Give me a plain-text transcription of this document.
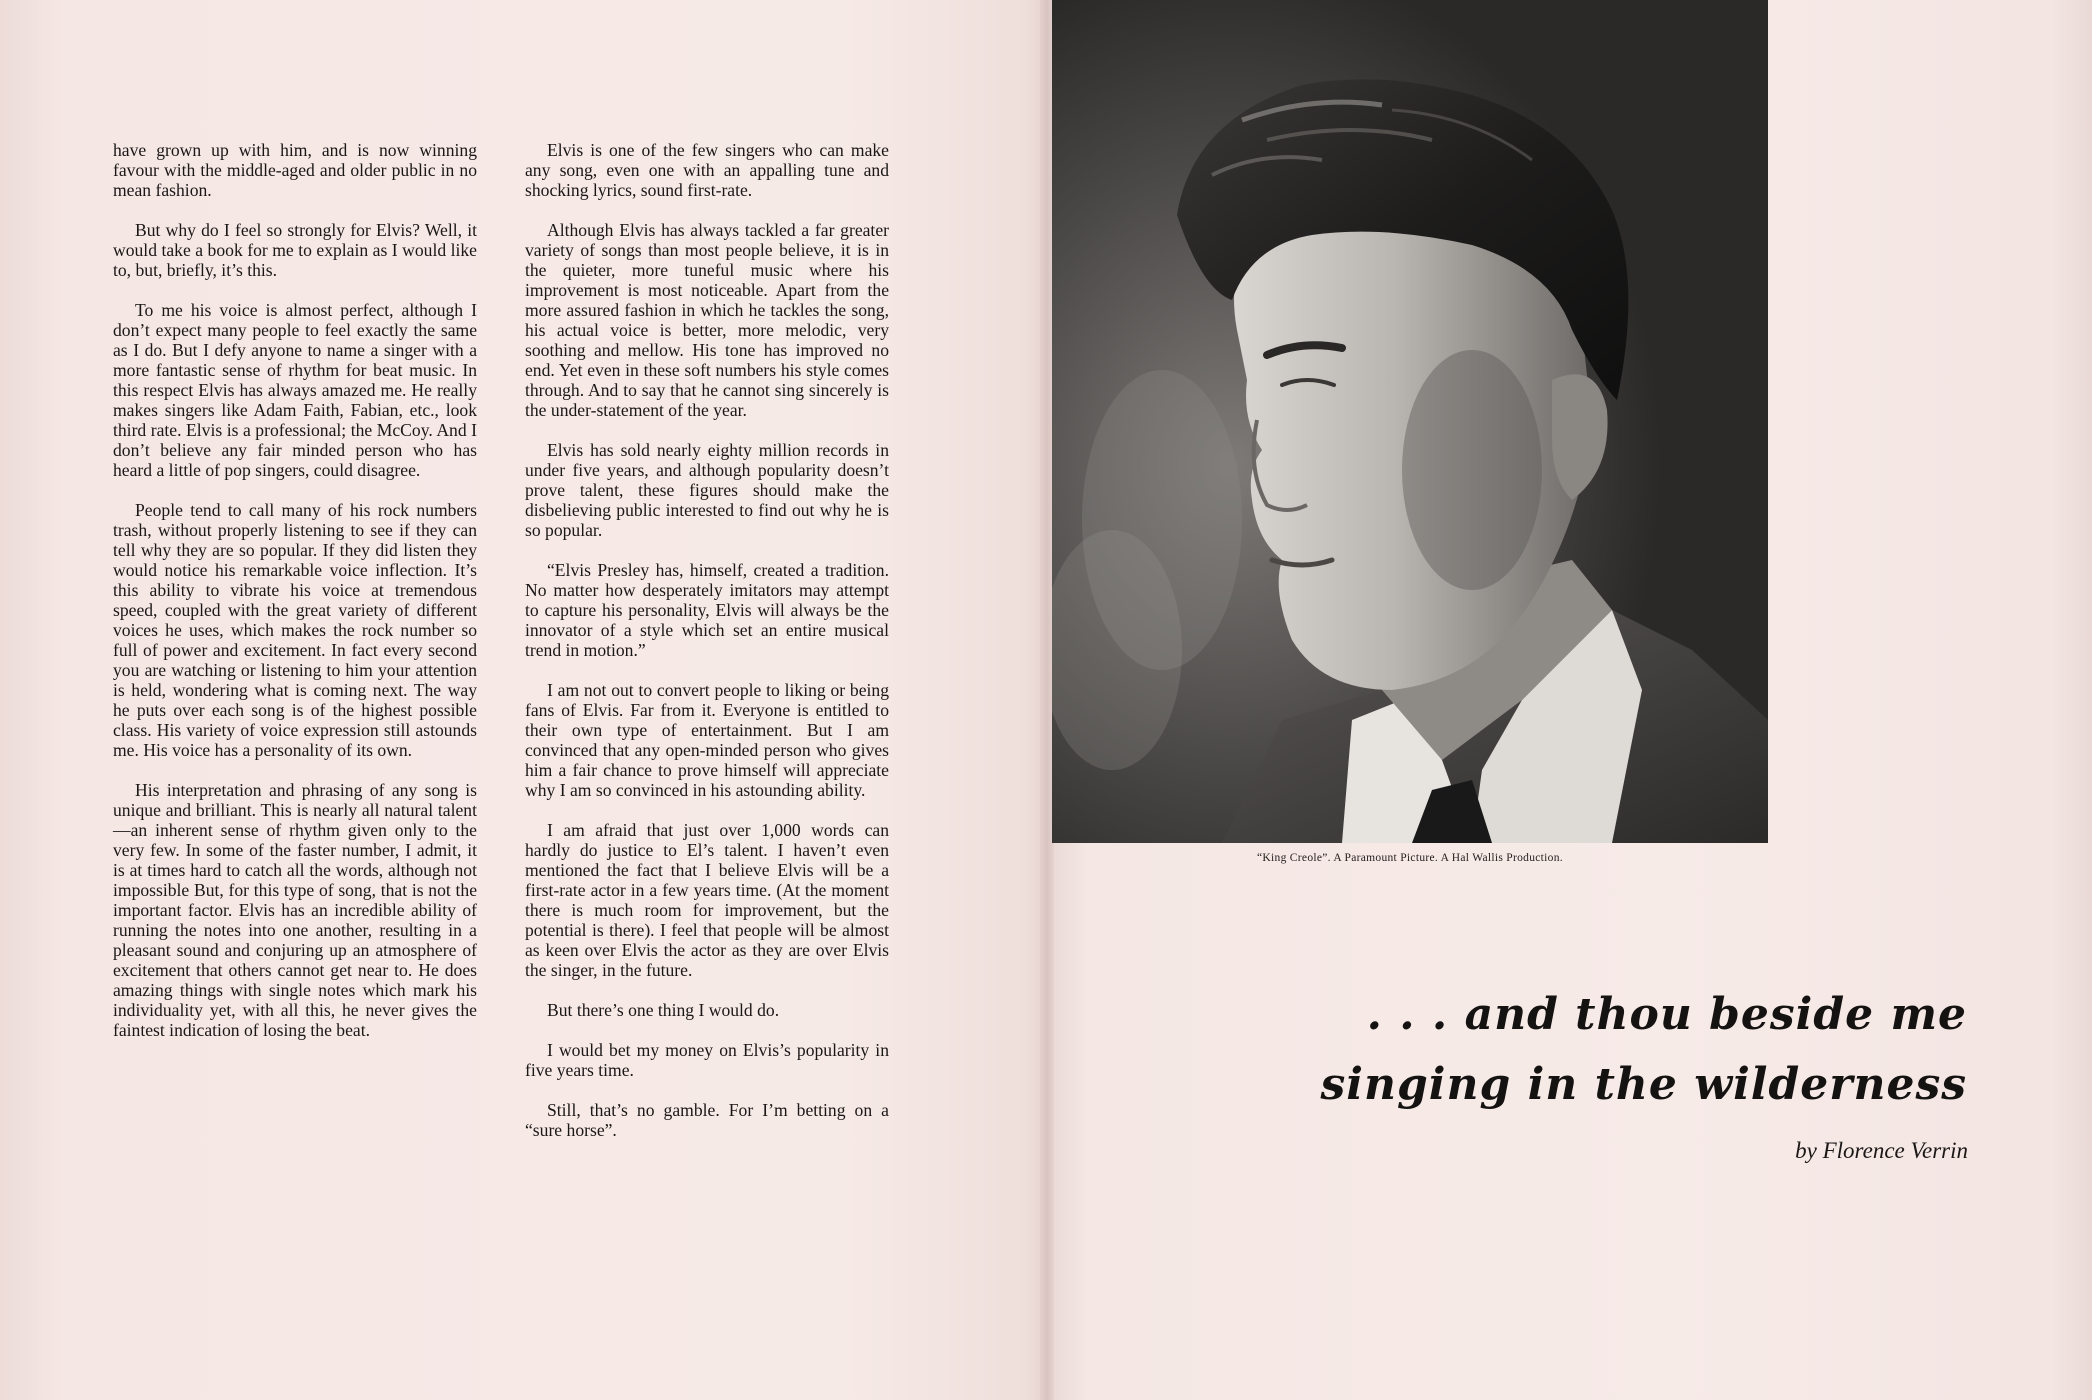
have grown up with him, and is now winning favour with the middle-aged and older public in no mean fashion.

But why do I feel so strongly for Elvis? Well, it would take a book for me to explain as I would like to, but, briefly, it’s this.

To me his voice is almost perfect, although I don’t expect many people to feel exactly the same as I do. But I defy anyone to name a singer with a more fantastic sense of rhythm for beat music. In this respect Elvis has always amazed me. He really makes singers like Adam Faith, Fabian, etc., look third rate. Elvis is a professional; the McCoy. And I don’t believe any fair minded person who has heard a little of pop singers, could disagree.

People tend to call many of his rock numbers trash, without properly listening to see if they can tell why they are so popular. If they did listen they would notice his remarkable voice inflection. It’s this ability to vibrate his voice at tremendous speed, coupled with the great variety of different voices he uses, which makes the rock number so full of power and excitement. In fact every second you are watching or listening to him your attention is held, wondering what is coming next. The way he puts over each song is of the highest possible class. His variety of voice expression still astounds me. His voice has a personality of its own.

His interpretation and phrasing of any song is unique and brilliant. This is nearly all natural talent—an inherent sense of rhythm given only to the very few. In some of the faster number, I admit, it is at times hard to catch all the words, although not impossible But, for this type of song, that is not the important factor. Elvis has an incredible ability of running the notes into one another, resulting in a pleasant sound and conjuring up an atmosphere of excitement that others cannot get near to. He does amazing things with single notes which mark his individuality yet, with all this, he never gives the faintest indication of losing the beat.

Elvis is one of the few singers who can make any song, even one with an appalling tune and shocking lyrics, sound first-rate.

Although Elvis has always tackled a far greater variety of songs than most people believe, it is in the quieter, more tuneful music where his improvement is most noticeable. Apart from the more assured fashion in which he tackles the song, his actual voice is better, more melodic, very soothing and mellow. His tone has improved no end. Yet even in these soft numbers his style comes through. And to say that he cannot sing sincerely is the under-statement of the year.

Elvis has sold nearly eighty million records in under five years, and although popularity doesn’t prove talent, these figures should make the disbelieving public interested to find out why he is so popular.

“Elvis Presley has, himself, created a tradition. No matter how desperately imitators may attempt to capture his personality, Elvis will always be the innovator of a style which set an entire musical trend in motion.”

I am not out to convert people to liking or being fans of Elvis. Far from it. Everyone is entitled to their own type of entertainment. But I am convinced that any open-minded person who gives him a fair chance to prove himself will appreciate why I am so convinced in his astounding ability.

I am afraid that just over 1,000 words can hardly do justice to El’s talent. I haven’t even mentioned the fact that I believe Elvis will be a first-rate actor in a few years time. (At the moment there is much room for improvement, but the potential is there). I feel that people will be almost as keen over Elvis the actor as they are over Elvis the singer, in the future.

But there’s one thing I would do.

I would bet my money on Elvis’s popularity in five years time.

Still, that’s no gamble. For I’m betting on a “sure horse”.

“King Creole”. A Paramount Picture. A Hal Wallis Production.
. . . and thou beside me
singing in the wilderness
by Florence Verrin
